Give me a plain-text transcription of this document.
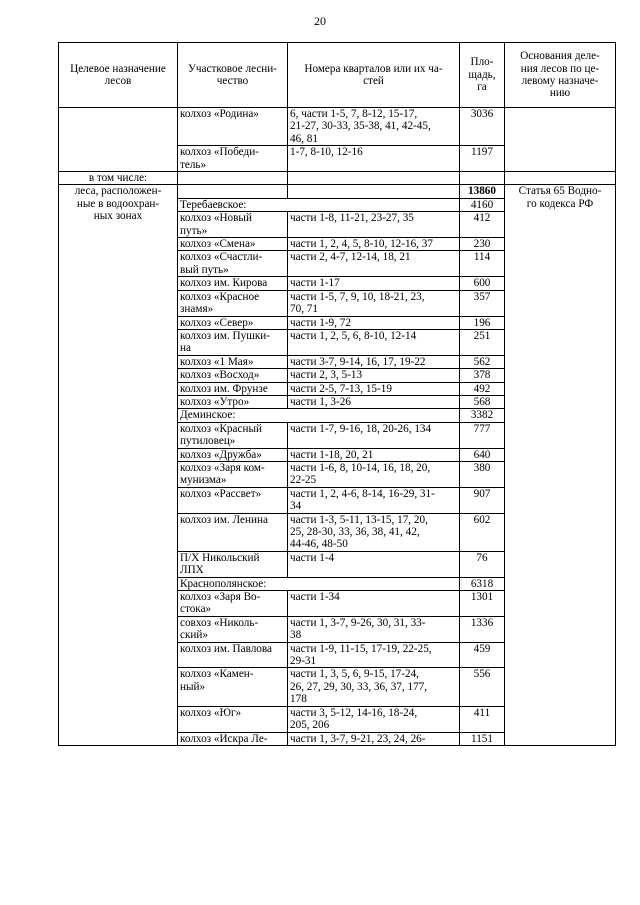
20
Целевое назначение
лесов	Участковое лесни-
чество	Номера кварталов или их ча-
стей	Пло-
щадь,
га	Основания деле-
ния лесов по це-
левому назначе-
нию
	колхоз «Родина»	6, части 1-5, 7, 8-12, 15-17,
21-27, 30-33, 35-38, 41, 42-45,
46, 81	3036	
	колхоз «Победи-
тель»	1-7, 8-10, 12-16	1197	
в том числе:				
леса, расположен-
ные в водоохран-
ных зонах			13860	Статья 65 Водно-
го кодекса РФ
	Теребаевское:		4160	
	колхоз «Новый
путь»	части 1-8, 11-21, 23-27, 35	412	
	колхоз «Смена»	части 1, 2, 4, 5, 8-10, 12-16, 37	230	
	колхоз «Счастли-
вый путь»	части 2, 4-7, 12-14, 18, 21	114	
	колхоз им. Кирова	части 1-17	600	
	колхоз «Красное
знамя»	части 1-5, 7, 9, 10, 18-21, 23,
70, 71	357	
	колхоз «Север»	части 1-9, 72	196	
	колхоз им. Пушки-
на	части 1, 2, 5, 6, 8-10, 12-14	251	
	колхоз «1 Мая»	части 3-7, 9-14, 16, 17, 19-22	562	
	колхоз «Восход»	части 2, 3, 5-13	378	
	колхоз им. Фрунзе	части 2-5, 7-13, 15-19	492	
	колхоз «Утро»	части 1, 3-26	568	
	Деминское:		3382	
	колхоз «Красный
путиловец»	части 1-7, 9-16, 18, 20-26, 134	777	
	колхоз «Дружба»	части 1-18, 20, 21	640	
	колхоз «Заря ком-
мунизма»	части 1-6, 8, 10-14, 16, 18, 20,
22-25	380	
	колхоз «Рассвет»	части 1, 2, 4-6, 8-14, 16-29, 31-
34	907	
	колхоз им. Ленина	части 1-3, 5-11, 13-15, 17, 20,
25, 28-30, 33, 36, 38, 41, 42,
44-46, 48-50	602	
	П/Х Никольский
ЛПХ	части 1-4	76	
	Краснополянское:		6318	
	колхоз «Заря Во-
стока»	части 1-34	1301	
	совхоз «Николь-
ский»	части 1, 3-7, 9-26, 30, 31, 33-
38	1336	
	колхоз им. Павлова	части 1-9, 11-15, 17-19, 22-25,
29-31	459	
	колхоз «Камен-
ный»	части 1, 3, 5, 6, 9-15, 17-24,
26, 27, 29, 30, 33, 36, 37, 177,
178	556	
	колхоз «Юг»	части 3, 5-12, 14-16, 18-24,
205, 206	411	
	колхоз «Искра Ле-	части 1, 3-7, 9-21, 23, 24, 26-	1151	
